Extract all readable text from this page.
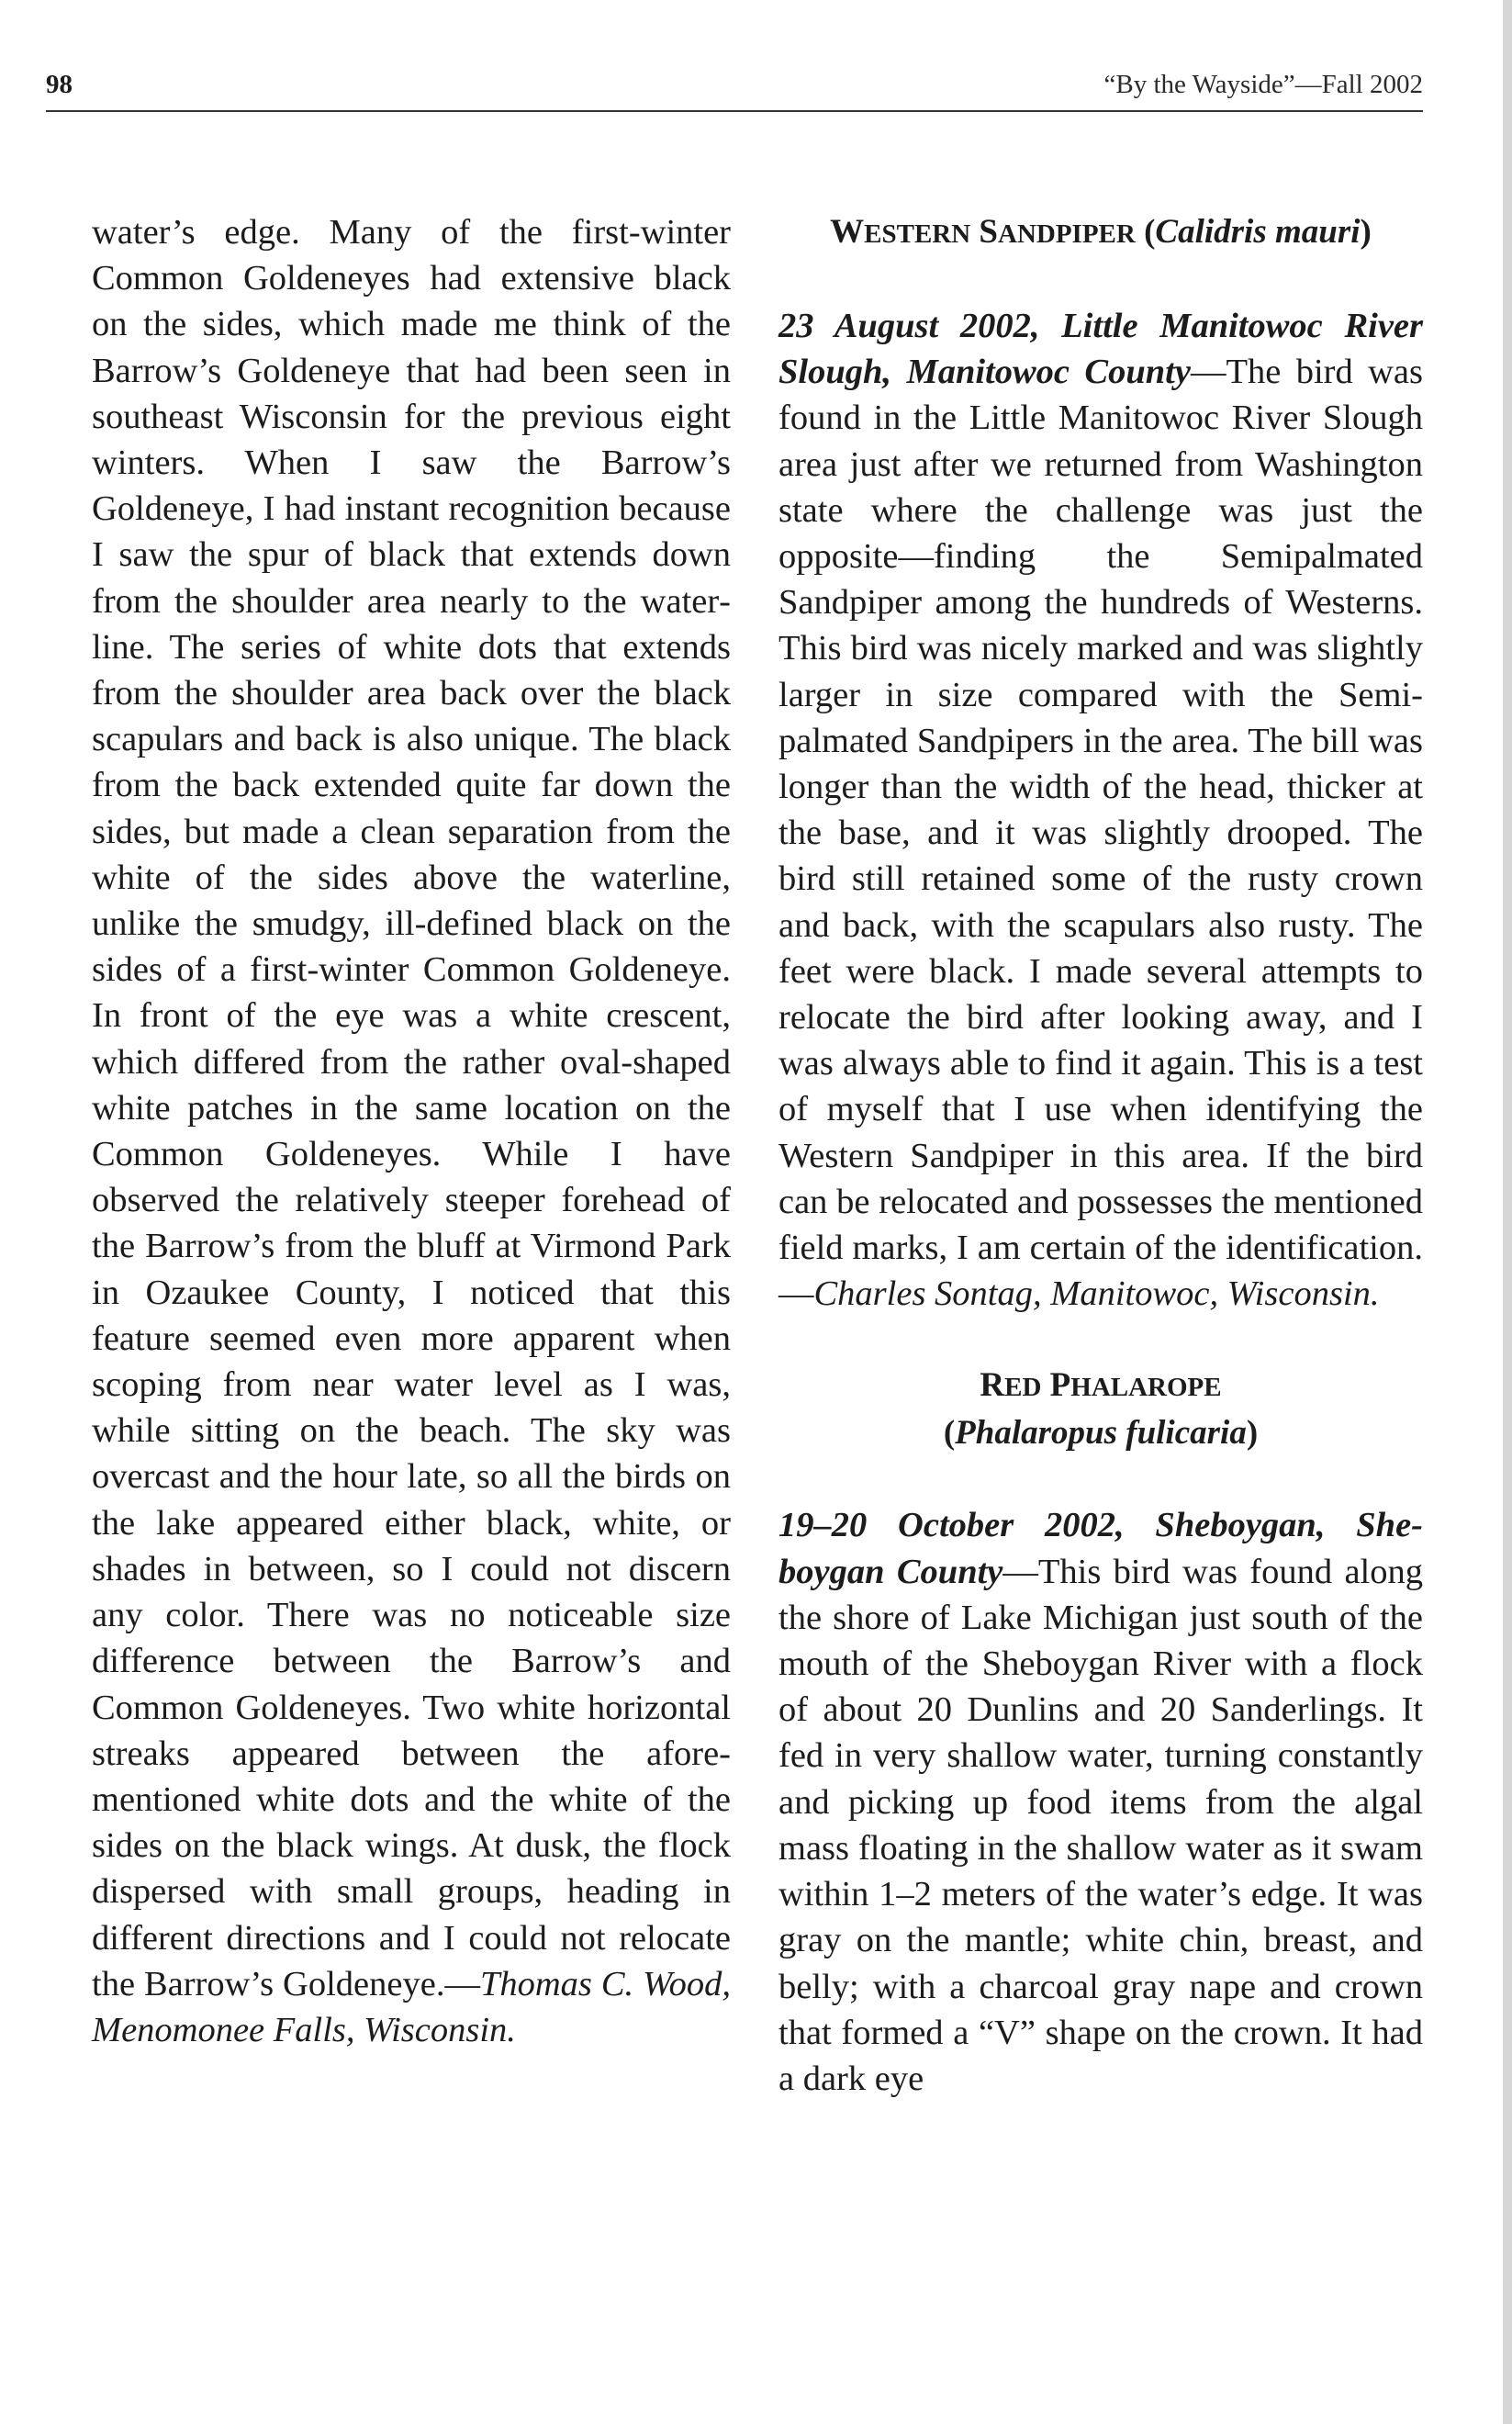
98	“By the Wayside”—Fall 2002

water’s edge. Many of the first-winter Common Goldeneyes had extensive black on the sides, which made me think of the Barrow’s Goldeneye that had been seen in southeast Wisconsin for the previous eight winters. When I saw the Barrow’s Goldeneye, I had instant recognition because I saw the spur of black that extends down from the shoulder area nearly to the waterline. The series of white dots that extends from the shoulder area back over the black scapulars and back is also unique. The black from the back extended quite far down the sides, but made a clean separation from the white of the sides above the waterline, unlike the smudgy, ill-defined black on the sides of a first-winter Common Goldeneye. In front of the eye was a white crescent, which differed from the rather oval-shaped white patches in the same location on the Common Goldeneyes. While I have observed the relatively steeper forehead of the Barrow’s from the bluff at Virmond Park in Ozaukee County, I noticed that this feature seemed even more apparent when scoping from near water level as I was, while sitting on the beach. The sky was overcast and the hour late, so all the birds on the lake appeared either black, white, or shades in between, so I could not discern any color. There was no noticeable size difference between the Barrow’s and Common Goldeneyes. Two white horizontal streaks appeared between the aforementioned white dots and the white of the sides on the black wings. At dusk, the flock dispersed with small groups, heading in different directions and I could not relocate the Barrow’s Goldeneye.—Thomas C. Wood, Menomonee Falls, Wisconsin.

WESTERN SANDPIPER (Calidris mauri)

23 August 2002, Little Manitowoc River Slough, Manitowoc County—The bird was found in the Little Manitowoc River Slough area just after we returned from Washington state where the challenge was just the opposite—finding the Semipalmated Sandpiper among the hundreds of Westerns. This bird was nicely marked and was slightly larger in size compared with the Semipalmated Sandpipers in the area. The bill was longer than the width of the head, thicker at the base, and it was slightly drooped. The bird still retained some of the rusty crown and back, with the scapulars also rusty. The feet were black. I made several attempts to relocate the bird after looking away, and I was always able to find it again. This is a test of myself that I use when identifying the Western Sandpiper in this area. If the bird can be relocated and possesses the mentioned field marks, I am certain of the identification.—Charles Sontag, Manitowoc, Wisconsin.

RED PHALAROPE
(Phalaropus fulicaria)

19–20 October 2002, Sheboygan, Sheboygan County—This bird was found along the shore of Lake Michigan just south of the mouth of the Sheboygan River with a flock of about 20 Dunlins and 20 Sanderlings. It fed in very shallow water, turning constantly and picking up food items from the algal mass floating in the shallow water as it swam within 1–2 meters of the water’s edge. It was gray on the mantle; white chin, breast, and belly; with a charcoal gray nape and crown that formed a “V” shape on the crown. It had a dark eye
